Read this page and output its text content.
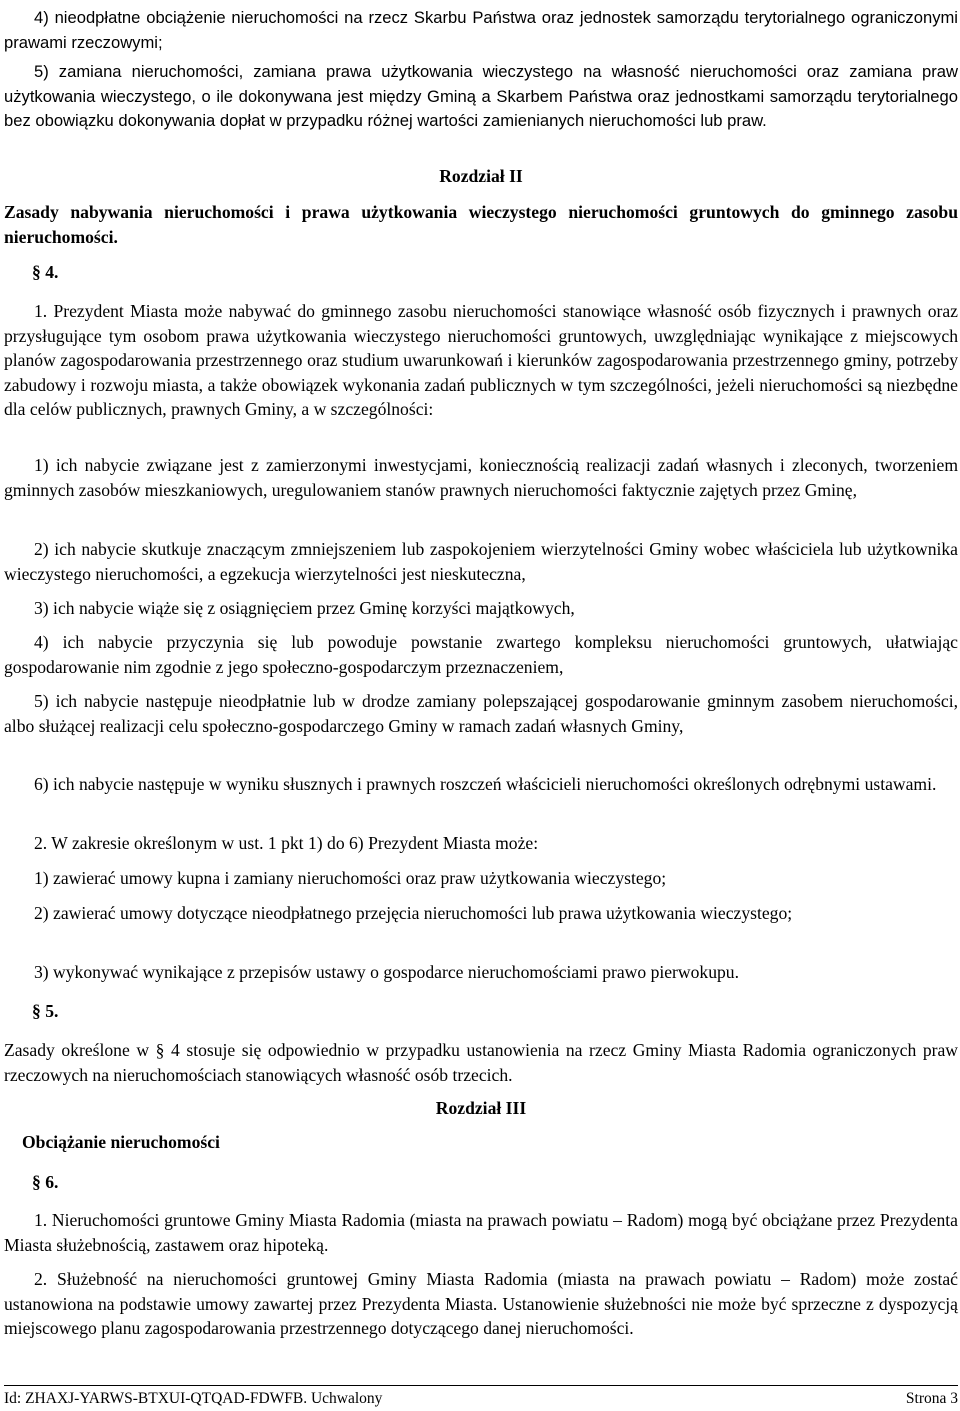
4) nieodpłatne obciążenie nieruchomości na rzecz Skarbu Państwa oraz jednostek samorządu terytorialnego ograniczonymi prawami rzeczowymi;

5) zamiana nieruchomości, zamiana prawa użytkowania wieczystego na własność nieruchomości oraz zamiana praw użytkowania wieczystego, o ile dokonywana jest między Gminą a Skarbem Państwa oraz jednostkami samorządu terytorialnego bez obowiązku dokonywania dopłat w przypadku różnej wartości zamienianych nieruchomości lub praw.

Rozdział II

Zasady nabywania nieruchomości i prawa użytkowania wieczystego nieruchomości gruntowych do gminnego zasobu nieruchomości.

§ 4.

1. Prezydent Miasta może nabywać do gminnego zasobu nieruchomości stanowiące własność osób fizycznych i prawnych oraz przysługujące tym osobom prawa użytkowania wieczystego nieruchomości gruntowych, uwzględniając wynikające z miejscowych planów zagospodarowania przestrzennego oraz studium uwarunkowań i kierunków zagospodarowania przestrzennego gminy, potrzeby zabudowy i rozwoju miasta, a także obowiązek wykonania zadań publicznych w tym szczególności, jeżeli nieruchomości są niezbędne dla celów publicznych, prawnych Gminy, a w szczególności:

1) ich nabycie związane jest z zamierzonymi inwestycjami, koniecznością realizacji zadań własnych i zleconych, tworzeniem gminnych zasobów mieszkaniowych, uregulowaniem stanów prawnych nieruchomości faktycznie zajętych przez Gminę,

2) ich nabycie skutkuje znaczącym zmniejszeniem lub zaspokojeniem wierzytelności Gminy wobec właściciela lub użytkownika wieczystego nieruchomości, a egzekucja wierzytelności jest nieskuteczna,

3) ich nabycie wiąże się z osiągnięciem przez Gminę korzyści majątkowych,

4) ich nabycie przyczynia się lub powoduje powstanie zwartego kompleksu nieruchomości gruntowych, ułatwiając gospodarowanie nim zgodnie z jego społeczno-gospodarczym przeznaczeniem,

5) ich nabycie następuje nieodpłatnie lub w drodze zamiany polepszającej gospodarowanie gminnym zasobem nieruchomości, albo służącej realizacji celu społeczno-gospodarczego Gminy w ramach zadań własnych Gminy,

6) ich nabycie następuje w wyniku słusznych i prawnych roszczeń właścicieli nieruchomości określonych odrębnymi ustawami.

2. W zakresie określonym w ust. 1 pkt 1) do 6) Prezydent Miasta może:

1) zawierać umowy kupna i zamiany nieruchomości oraz praw użytkowania wieczystego;

2) zawierać umowy dotyczące nieodpłatnego przejęcia nieruchomości lub prawa użytkowania wieczystego;

3) wykonywać wynikające z przepisów ustawy o gospodarce nieruchomościami prawo pierwokupu.

§ 5.

Zasady określone w § 4 stosuje się odpowiednio w przypadku ustanowienia na rzecz Gminy Miasta Radomia ograniczonych praw rzeczowych na nieruchomościach stanowiących własność osób trzecich.

Rozdział III

Obciążanie nieruchomości

§ 6.

1. Nieruchomości gruntowe Gminy Miasta Radomia (miasta na prawach powiatu – Radom) mogą być obciążane przez Prezydenta Miasta służebnością, zastawem oraz hipoteką.

2. Służebność na nieruchomości gruntowej Gminy Miasta Radomia (miasta na prawach powiatu – Radom) może zostać ustanowiona na podstawie umowy zawartej przez Prezydenta Miasta. Ustanowienie służebności nie może być sprzeczne z dyspozycją miejscowego planu zagospodarowania przestrzennego dotyczącego danej nieruchomości.

Id: ZHAXJ-YARWS-BTXUI-QTQAD-FDWFB. Uchwalony	Strona 3
